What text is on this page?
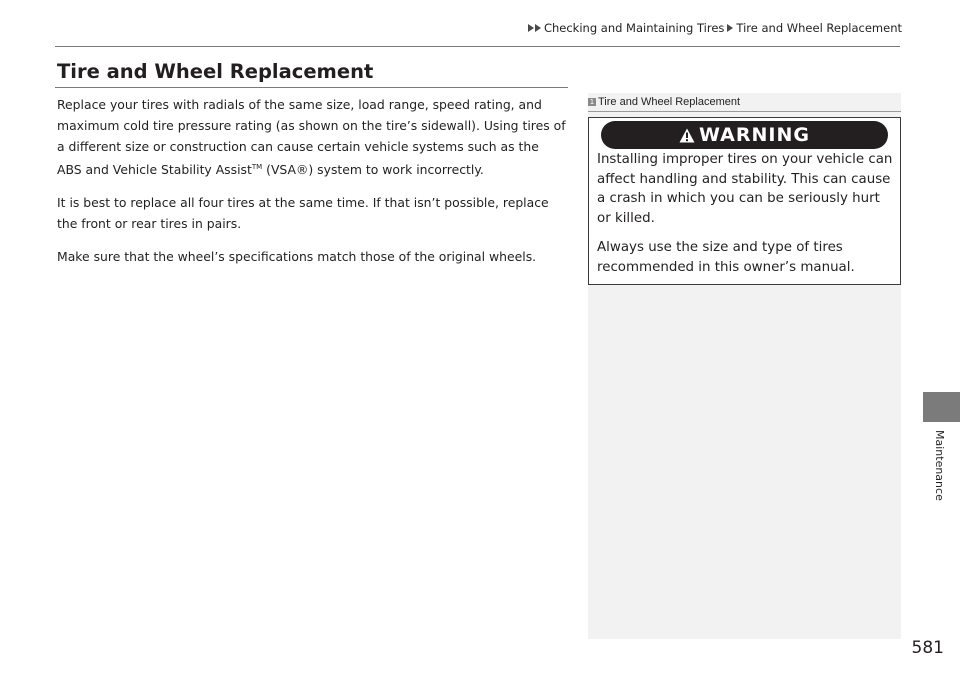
Checking and Maintaining Tires Tire and Wheel Replacement
Tire and Wheel Replacement

Replace your tires with radials of the same size, load range, speed rating, and maximum cold tire pressure rating (as shown on the tire’s sidewall). Using tires of a different size or construction can cause certain vehicle systems such as the ABS and Vehicle Stability Assist™ (VSA®) system to work incorrectly.

It is best to replace all four tires at the same time. If that isn’t possible, replace the front or rear tires in pairs.

Make sure that the wheel’s specifications match those of the original wheels.

1 Tire and Wheel Replacement
WARNING

Installing improper tires on your vehicle can affect handling and stability. This can cause a crash in which you can be seriously hurt or killed.

Always use the size and type of tires recommended in this owner’s manual.

Maintenance
581
